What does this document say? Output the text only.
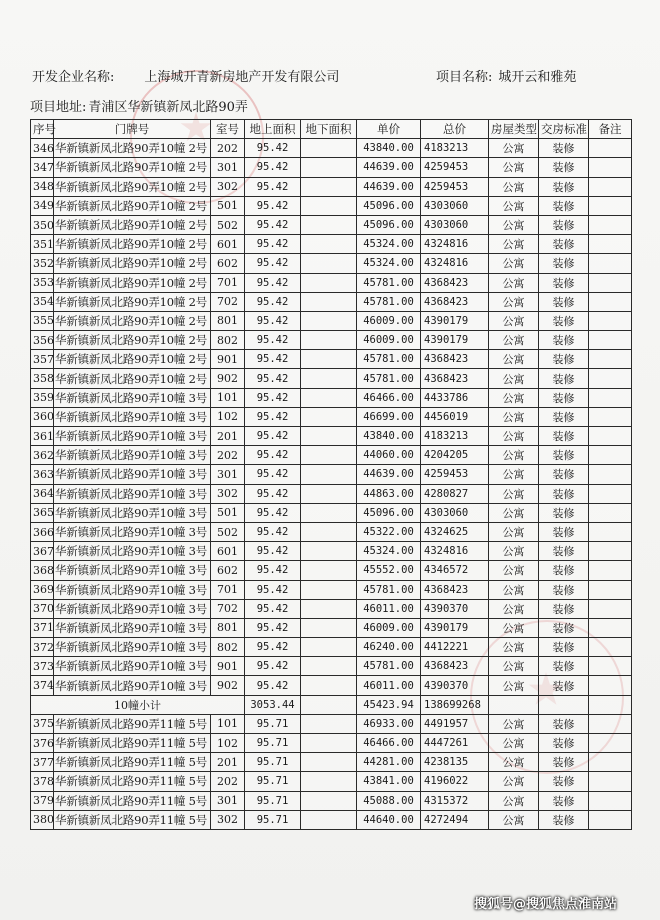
开发企业名称: 上海城开青新房地产开发有限公司	项目名称: 城开云和雅苑
项目地址: 青浦区华新镇新凤北路90弄
序号	门牌号	室号	地上面积	地下面积	单价	总价	房屋类型	交房标准	备注
346	华新镇新凤北路90弄10幢 2号	202	95.42		43840.00	4183213	公寓	装修	
347	华新镇新凤北路90弄10幢 2号	301	95.42		44639.00	4259453	公寓	装修	
348	华新镇新凤北路90弄10幢 2号	302	95.42		44639.00	4259453	公寓	装修	
349	华新镇新凤北路90弄10幢 2号	501	95.42		45096.00	4303060	公寓	装修	
350	华新镇新凤北路90弄10幢 2号	502	95.42		45096.00	4303060	公寓	装修	
351	华新镇新凤北路90弄10幢 2号	601	95.42		45324.00	4324816	公寓	装修	
352	华新镇新凤北路90弄10幢 2号	602	95.42		45324.00	4324816	公寓	装修	
353	华新镇新凤北路90弄10幢 2号	701	95.42		45781.00	4368423	公寓	装修	
354	华新镇新凤北路90弄10幢 2号	702	95.42		45781.00	4368423	公寓	装修	
355	华新镇新凤北路90弄10幢 2号	801	95.42		46009.00	4390179	公寓	装修	
356	华新镇新凤北路90弄10幢 2号	802	95.42		46009.00	4390179	公寓	装修	
357	华新镇新凤北路90弄10幢 2号	901	95.42		45781.00	4368423	公寓	装修	
358	华新镇新凤北路90弄10幢 2号	902	95.42		45781.00	4368423	公寓	装修	
359	华新镇新凤北路90弄10幢 3号	101	95.42		46466.00	4433786	公寓	装修	
360	华新镇新凤北路90弄10幢 3号	102	95.42		46699.00	4456019	公寓	装修	
361	华新镇新凤北路90弄10幢 3号	201	95.42		43840.00	4183213	公寓	装修	
362	华新镇新凤北路90弄10幢 3号	202	95.42		44060.00	4204205	公寓	装修	
363	华新镇新凤北路90弄10幢 3号	301	95.42		44639.00	4259453	公寓	装修	
364	华新镇新凤北路90弄10幢 3号	302	95.42		44863.00	4280827	公寓	装修	
365	华新镇新凤北路90弄10幢 3号	501	95.42		45096.00	4303060	公寓	装修	
366	华新镇新凤北路90弄10幢 3号	502	95.42		45322.00	4324625	公寓	装修	
367	华新镇新凤北路90弄10幢 3号	601	95.42		45324.00	4324816	公寓	装修	
368	华新镇新凤北路90弄10幢 3号	602	95.42		45552.00	4346572	公寓	装修	
369	华新镇新凤北路90弄10幢 3号	701	95.42		45781.00	4368423	公寓	装修	
370	华新镇新凤北路90弄10幢 3号	702	95.42		46011.00	4390370	公寓	装修	
371	华新镇新凤北路90弄10幢 3号	801	95.42		46009.00	4390179	公寓	装修	
372	华新镇新凤北路90弄10幢 3号	802	95.42		46240.00	4412221	公寓	装修	
373	华新镇新凤北路90弄10幢 3号	901	95.42		45781.00	4368423	公寓	装修	
374	华新镇新凤北路90弄10幢 3号	902	95.42		46011.00	4390370	公寓	装修	
10幢小计			3053.44		45423.94	138699268			
375	华新镇新凤北路90弄11幢 5号	101	95.71		46933.00	4491957	公寓	装修	
376	华新镇新凤北路90弄11幢 5号	102	95.71		46466.00	4447261	公寓	装修	
377	华新镇新凤北路90弄11幢 5号	201	95.71		44281.00	4238135	公寓	装修	
378	华新镇新凤北路90弄11幢 5号	202	95.71		43841.00	4196022	公寓	装修	
379	华新镇新凤北路90弄11幢 5号	301	95.71		45088.00	4315372	公寓	装修	
380	华新镇新凤北路90弄11幢 5号	302	95.71		44640.00	4272494	公寓	装修	
搜狐号@搜狐焦点淮南站
